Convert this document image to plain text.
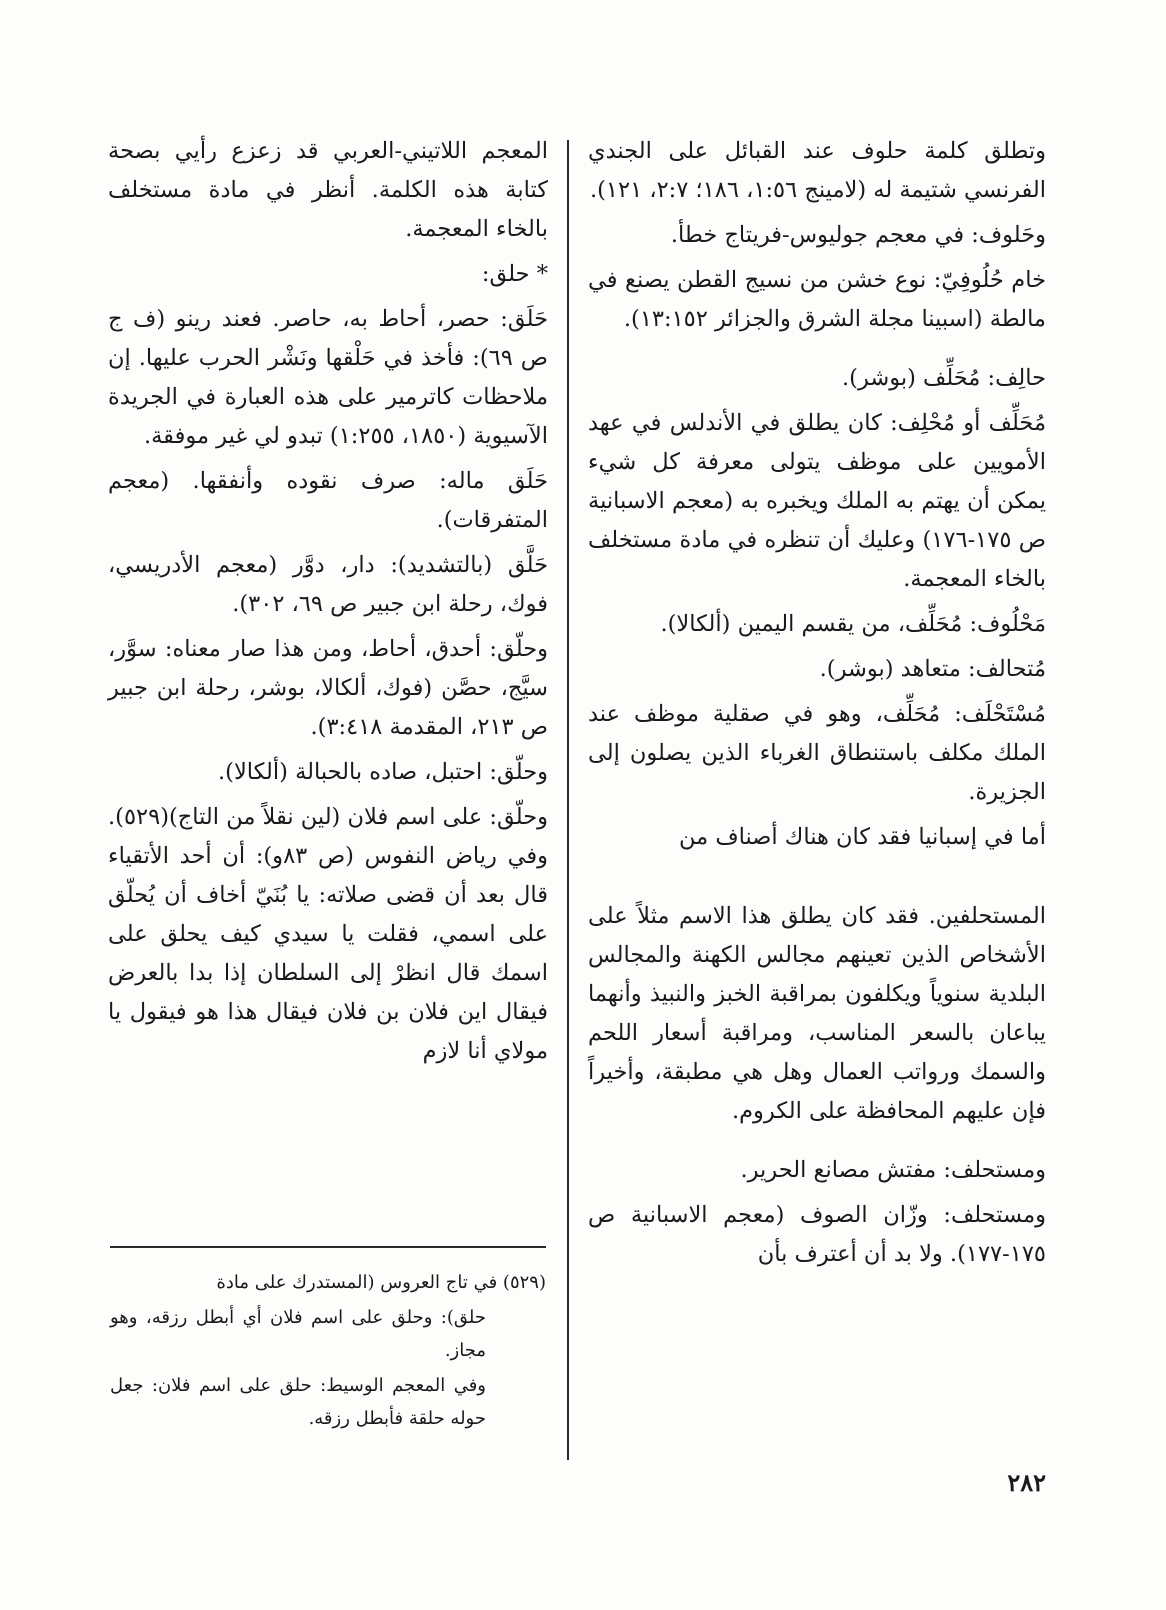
وتطلق كلمة حلوف عند القبائل على الجندي الفرنسي شتيمة له (لامينج ١:٥٦، ١٨٦؛ ٢:٧، ١٢١).

وحَلوف: في معجم جوليوس-فريتاج خطأ.

خام حُلُوفِيّ: نوع خشن من نسيج القطن يصنع في مالطة (اسبينا مجلة الشرق والجزائر ١٣:١٥٢).

حالِف: مُحَلِّف (بوشر).

مُحَلِّف أو مُحْلِف: كان يطلق في الأندلس في عهد الأمويين على موظف يتولى معرفة كل شيء يمكن أن يهتم به الملك ويخبره به (معجم الاسبانية ص ١٧٥-١٧٦) وعليك أن تنظره في مادة مستخلف بالخاء المعجمة.

مَحْلُوف: مُحَلِّف، من يقسم اليمين (ألكالا).

مُتحالف: متعاهد (بوشر).

مُسْتَحْلَف: مُحَلِّف، وهو في صقلية موظف عند الملك مكلف باستنطاق الغرباء الذين يصلون إلى الجزيرة.

أما في إسبانيا فقد كان هناك أصناف من

المستحلفين. فقد كان يطلق هذا الاسم مثلاً على الأشخاص الذين تعينهم مجالس الكهنة والمجالس البلدية سنوياً ويكلفون بمراقبة الخبز والنبيذ وأنهما يباعان بالسعر المناسب، ومراقبة أسعار اللحم والسمك ورواتب العمال وهل هي مطبقة، وأخيراً فإن عليهم المحافظة على الكروم.

ومستحلف: مفتش مصانع الحرير.

ومستحلف: وزّان الصوف (معجم الاسبانية ص ١٧٥-١٧٧). ولا بد أن أعترف بأن

المعجم اللاتيني-العربي قد زعزع رأيي بصحة كتابة هذه الكلمة. أنظر في مادة مستخلف بالخاء المعجمة.

* حلق:

حَلَق: حصر، أحاط به، حاصر. فعند رينو (ف ج ص ٦٩): فأخذ في حَلْقها ونَشْر الحرب عليها. إن ملاحظات كاترمير على هذه العبارة في الجريدة الآسيوية (١٨٥٠، ١:٢٥٥) تبدو لي غير موفقة.

حَلَق ماله: صرف نقوده وأنفقها. (معجم المتفرقات).

حَلَّق (بالتشديد): دار، دوَّر (معجم الأدريسي، فوك، رحلة ابن جبير ص ٦٩، ٣٠٢).

وحلّق: أحدق، أحاط، ومن هذا صار معناه: سوَّر، سيَّج، حصَّن (فوك، ألكالا، بوشر، رحلة ابن جبير ص ٢١٣، المقدمة ٣:٤١٨).

وحلّق: احتبل، صاده بالحبالة (ألكالا).

وحلّق: على اسم فلان (لين نقلاً من التاج)(٥٢٩). وفي رياض النفوس (ص ٨٣و): أن أحد الأتقياء قال بعد أن قضى صلاته: يا بُنَيّ أخاف أن يُحلّق على اسمي، فقلت يا سيدي كيف يحلق على اسمك قال انظرْ إلى السلطان إذا بدا بالعرض فيقال اين فلان بن فلان فيقال هذا هو فيقول يا مولاي أنا لازم

(٥٢٩) في تاج العروس (المستدرك على مادة

حلق): وحلق على اسم فلان أي أبطل رزقه، وهو مجاز.

وفي المعجم الوسيط: حلق على اسم فلان: جعل حوله حلقة فأبطل رزقه.

٢٨٢
